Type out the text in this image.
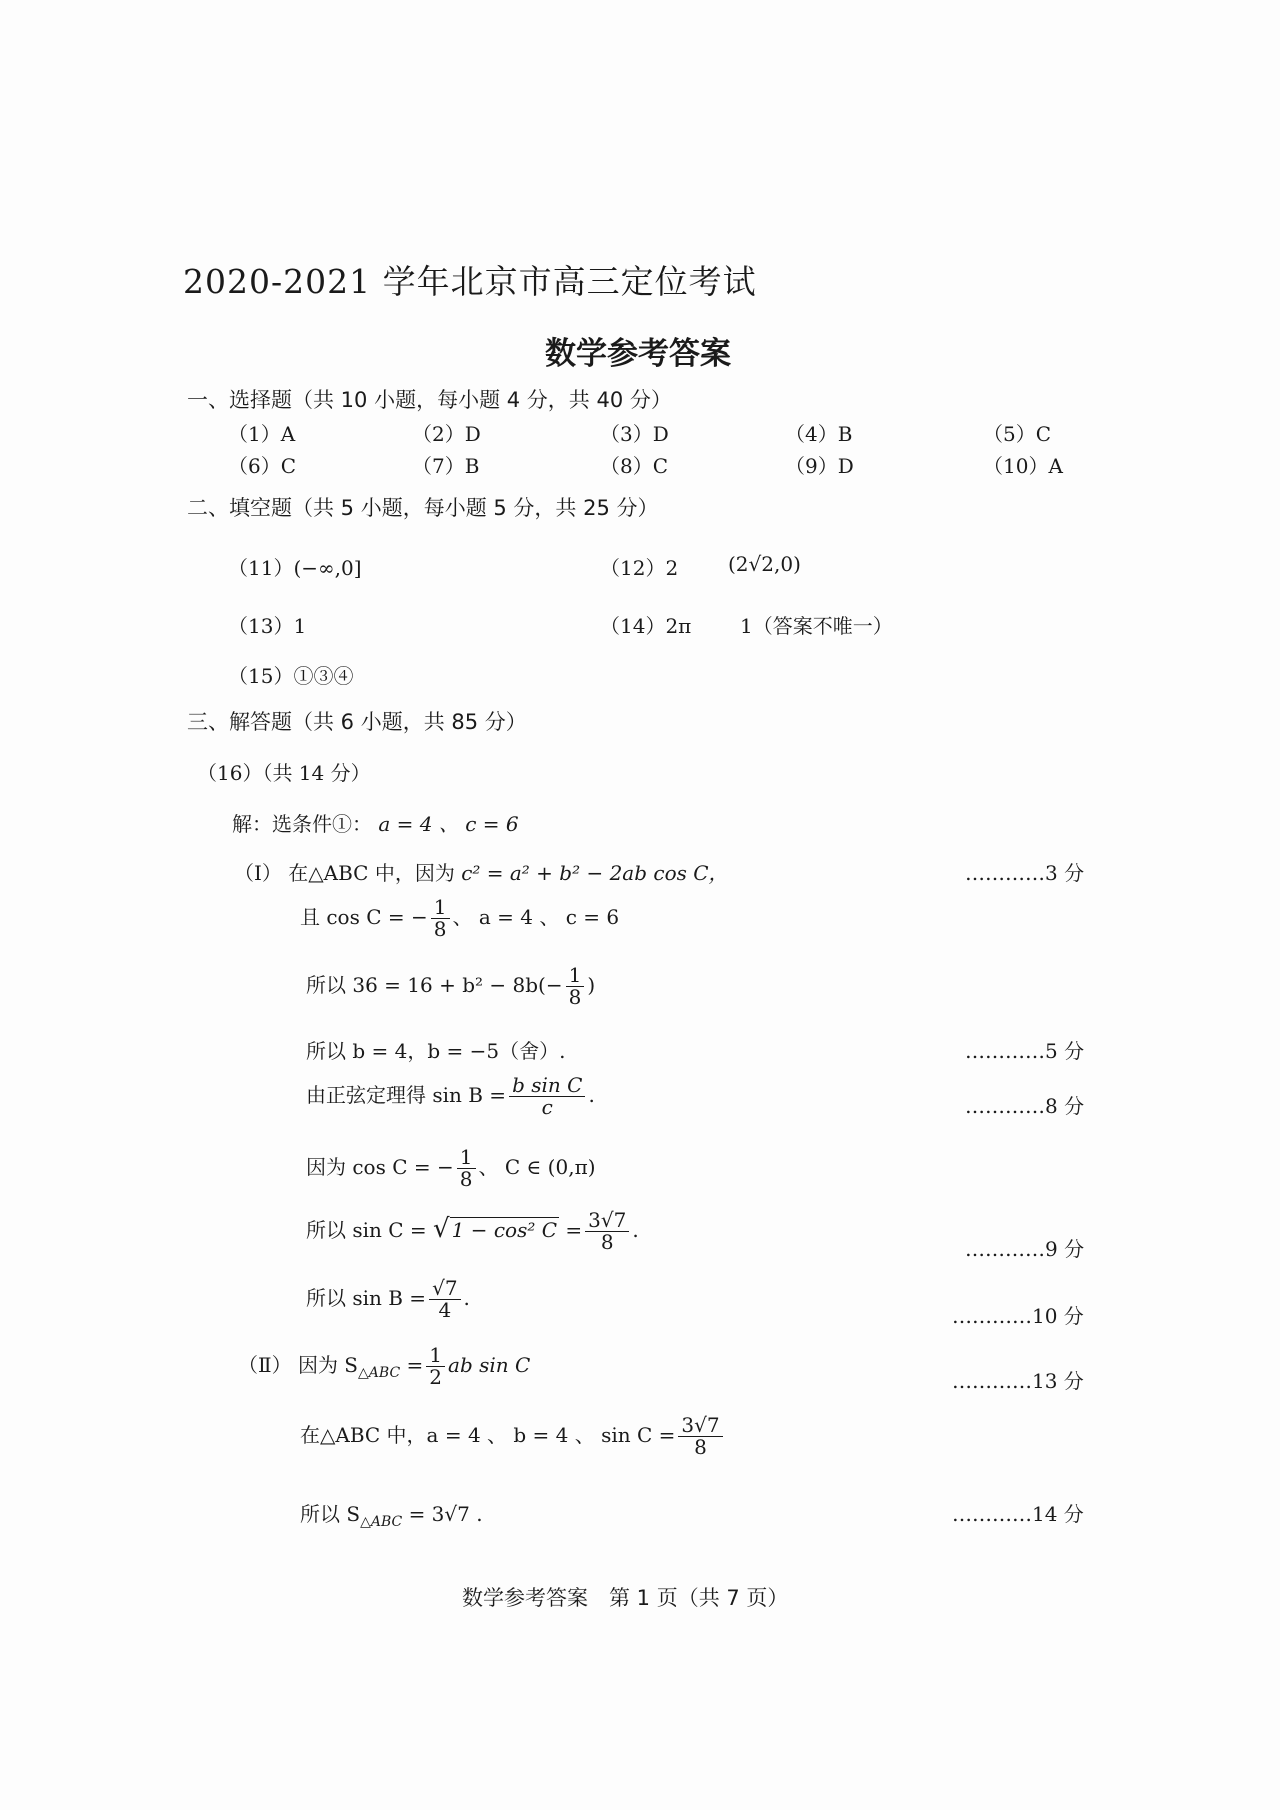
2020-2021 学年北京市高三定位考试
数学参考答案
一、选择题（共 10 小题，每小题 4 分，共 40 分）
（1）A	（2）D	（3）D	（4）B	（5）C
（6）C	（7）B	（8）C	（9）D	（10）A
二、填空题（共 5 小题，每小题 5 分，共 25 分）
（11）(−∞,0]	（12）2 (2√2,0)
（13）1	（14）2π 1（答案不唯一）
（15）①③④
三、解答题（共 6 小题，共 85 分）
（16）（共 14 分）
解：选条件①： a = 4 、 c = 6
（Ⅰ） 在△ABC 中，因为 c² = a² + b² − 2ab cos C，	…………3 分
且 cos C = − $\frac{1}{8}$ 、 a = 4 、 c = 6
所以 $36 = 16 + b^2 - 8b(- \frac{1}{8}$ )
所以 b = 4，b = −5（舍）.	…………5 分
由正弦定理得 $\sin B = \frac{\text{b sin C}}{c}$ .	…………8 分
因为 cos C = − $\frac{1}{8}$ 、 C ∈ (0,π)
所以 sin C = √ 1 − cos² $C = \frac{3√7}{8}$ .
…………9 分
所以 $\sin B = \frac{√7}{4}$ .
…………10 分
（Ⅱ） 因为 $S_{\triangle ABC} = \frac{1}{2}$ ab sin C
…………13 分
在△ABC 中，a = 4 、 b = 4 、 $\sin C = \frac{3√7}{8}$
所以 $S_{\triangle ABC} = 3√7$ .	…………14 分
数学参考答案　第 1 页（共 7 页）
